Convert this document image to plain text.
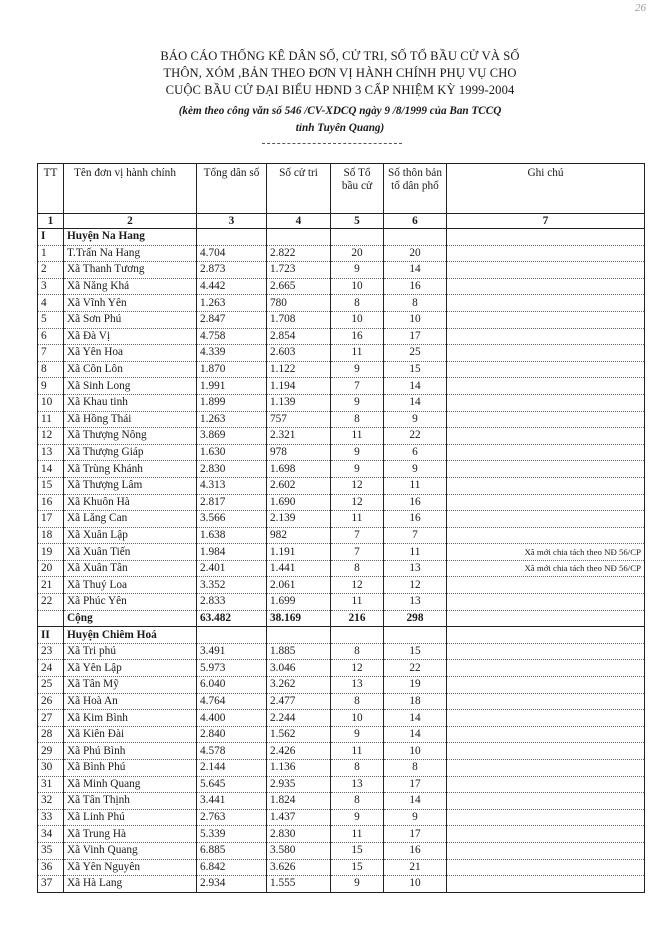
26
BÁO CÁO THỐNG KÊ DÂN SỐ, CỬ TRI, SỐ TỔ BẦU CỬ VÀ SỐ
THÔN, XÓM ,BẢN THEO ĐƠN VỊ HÀNH CHÍNH PHỤ VỤ CHO
CUỘC BẦU CỬ ĐẠI BIỂU HĐND 3 CẤP NHIỆM KỲ 1999-2004
(kèm theo công văn số 546 /CV-XDCQ ngày 9 /8/1999 của Ban TCCQ
tỉnh Tuyên Quang)
TT	Tên đơn vị hành chính	Tổng dân số	Số cử tri	Số Tổ bầu cử	Số thôn bản tổ dân phố	Ghi chú
1	2	3	4	5	6	7
I	Huyện Na Hang					
1	T.Trấn Na Hang	4.704	2.822	20	20	
2	Xã Thanh Tương	2.873	1.723	9	14	
3	Xã Năng Khả	4.442	2.665	10	16	
4	Xã Vĩnh Yên	1.263	780	8	8	
5	Xã Sơn Phú	2.847	1.708	10	10	
6	Xã Đà Vị	4.758	2.854	16	17	
7	Xã Yên Hoa	4.339	2.603	11	25	
8	Xã Côn Lôn	1.870	1.122	9	15	
9	Xã Sinh Long	1.991	1.194	7	14	
10	Xã Khau tinh	1.899	1.139	9	14	
11	Xã Hồng Thái	1.263	757	8	9	
12	Xã Thượng Nông	3.869	2.321	11	22	
13	Xã Thượng Giáp	1.630	978	9	6	
14	Xã Trùng Khánh	2.830	1.698	9	9	
15	Xã Thượng Lâm	4.313	2.602	12	11	
16	Xã Khuôn Hà	2.817	1.690	12	16	
17	Xã Lăng Can	3.566	2.139	11	16	
18	Xã Xuân Lập	1.638	982	7	7	
19	Xã Xuân Tiến	1.984	1.191	7	11	Xã mới chia tách theo NĐ 56/CP
20	Xã Xuân Tân	2.401	1.441	8	13	Xã mới chia tách theo NĐ 56/CP
21	Xã Thuý Loa	3.352	2.061	12	12	
22	Xã Phúc Yên	2.833	1.699	11	13	
	Cộng	63.482	38.169	216	298	
II	Huyện Chiêm Hoá					
23	Xã Tri phú	3.491	1.885	8	15	
24	Xã Yên Lập	5.973	3.046	12	22	
25	Xã Tân Mỹ	6.040	3.262	13	19	
26	Xã Hoà An	4.764	2.477	8	18	
27	Xã Kim Bình	4.400	2.244	10	14	
28	Xã Kiên Đài	2.840	1.562	9	14	
29	Xã Phú Bình	4.578	2.426	11	10	
30	Xã Bình Phú	2.144	1.136	8	8	
31	Xã Minh Quang	5.645	2.935	13	17	
32	Xã Tân Thịnh	3.441	1.824	8	14	
33	Xã Linh Phú	2.763	1.437	9	9	
34	Xã Trung Hà	5.339	2.830	11	17	
35	Xã Vinh Quang	6.885	3.580	15	16	
36	Xã Yên Nguyên	6.842	3.626	15	21	
37	Xã Hà Lang	2.934	1.555	9	10	
